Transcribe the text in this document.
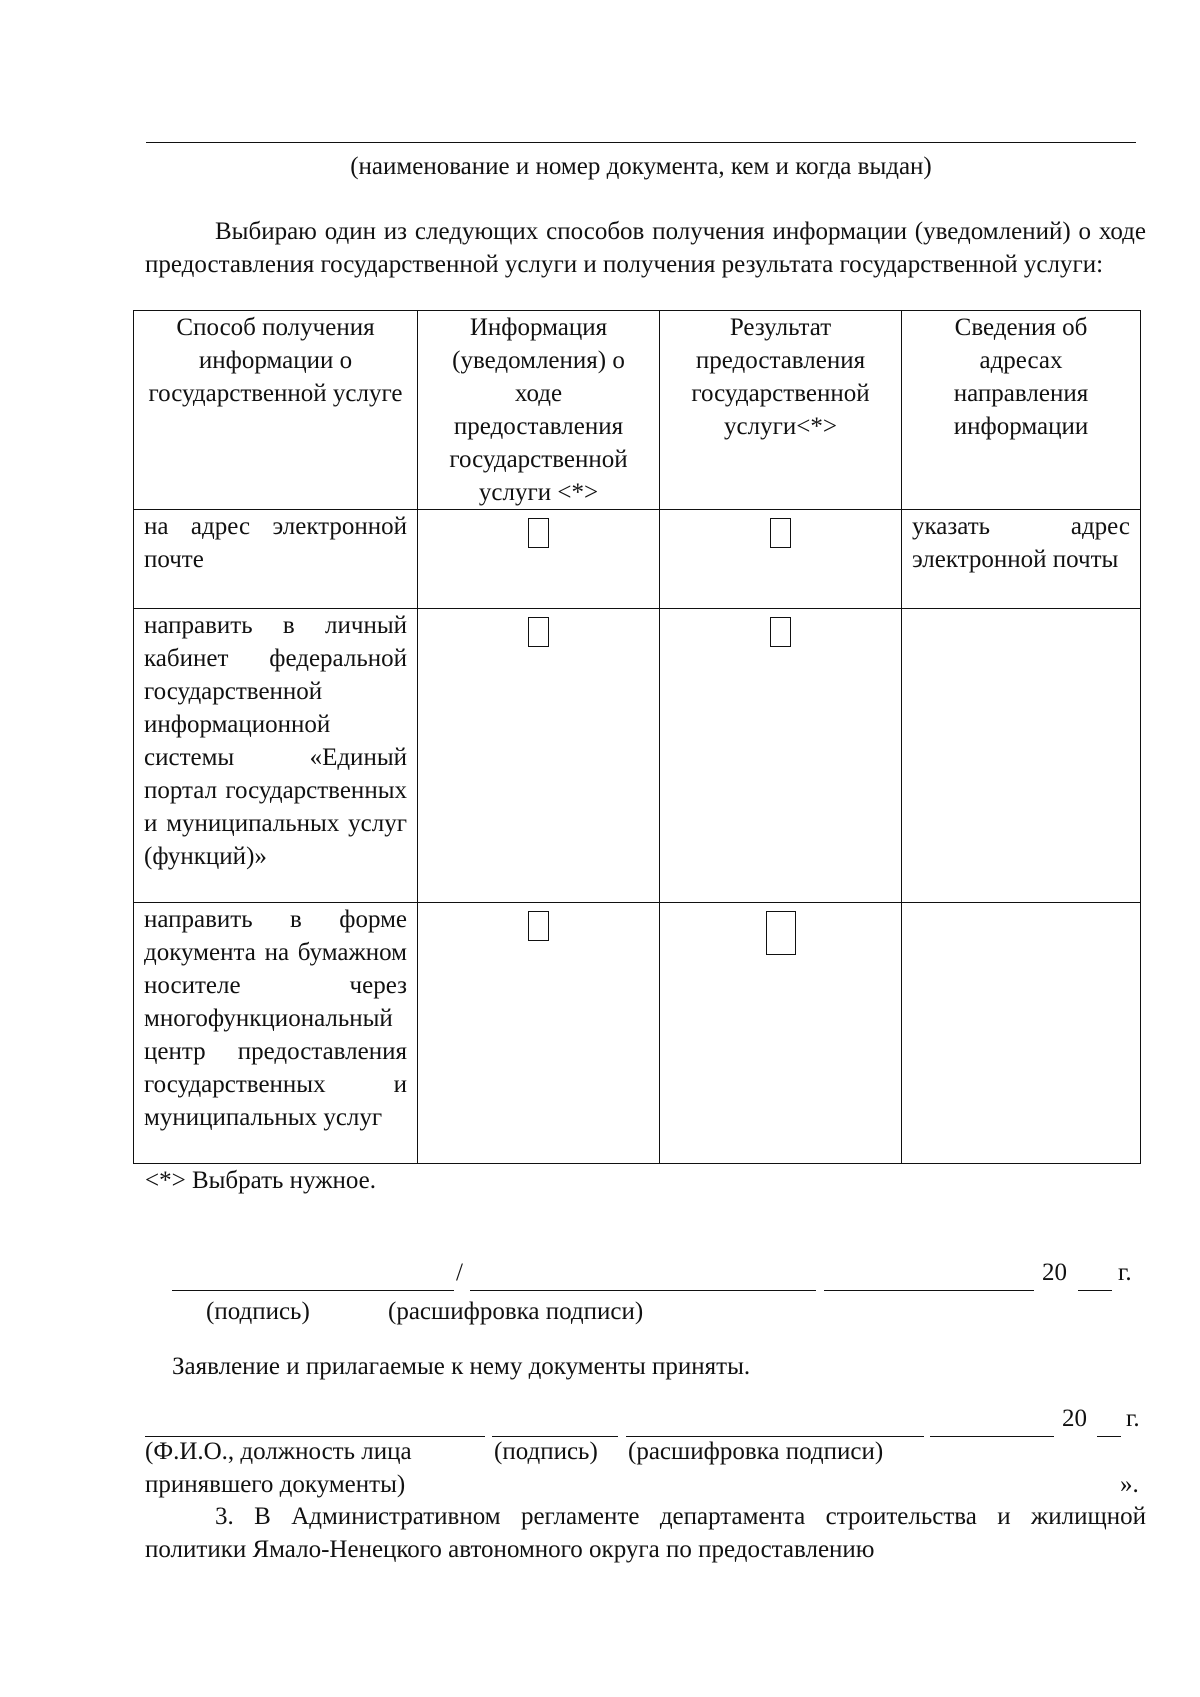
(наименование и номер документа, кем и когда выдан)
Выбираю один из следующих способов получения информации (уведомлений) о ходе предоставления государственной услуги и получения результата государственной услуги:
Способ получения информации о государственной услуге	Информация (уведомления) о ходе предоставления государственной услуги <*>	Результат предоставления государственной услуги<*>	Сведения об адресах направления информации
на адрес электронной почте			указать адрес электронной почты
направить в личный кабинет федеральной государственной информационной системы «Единый портал государственных и муниципальных услуг (функций)»			
направить в форме документа на бумажном носителе через многофункциональный центр предоставления государственных и муниципальных услуг			
<*> Выбрать нужное.
/	20 г.
(подпись)	(расшифровка подписи)
Заявление и прилагаемые к нему документы приняты.
20 г.
(Ф.И.О., должность лица	(подпись) (расшифровка подписи)
принявшего документы)	».
3. В Административном регламенте департамента строительства и жилищной политики Ямало-Ненецкого автономного округа по предоставлению
